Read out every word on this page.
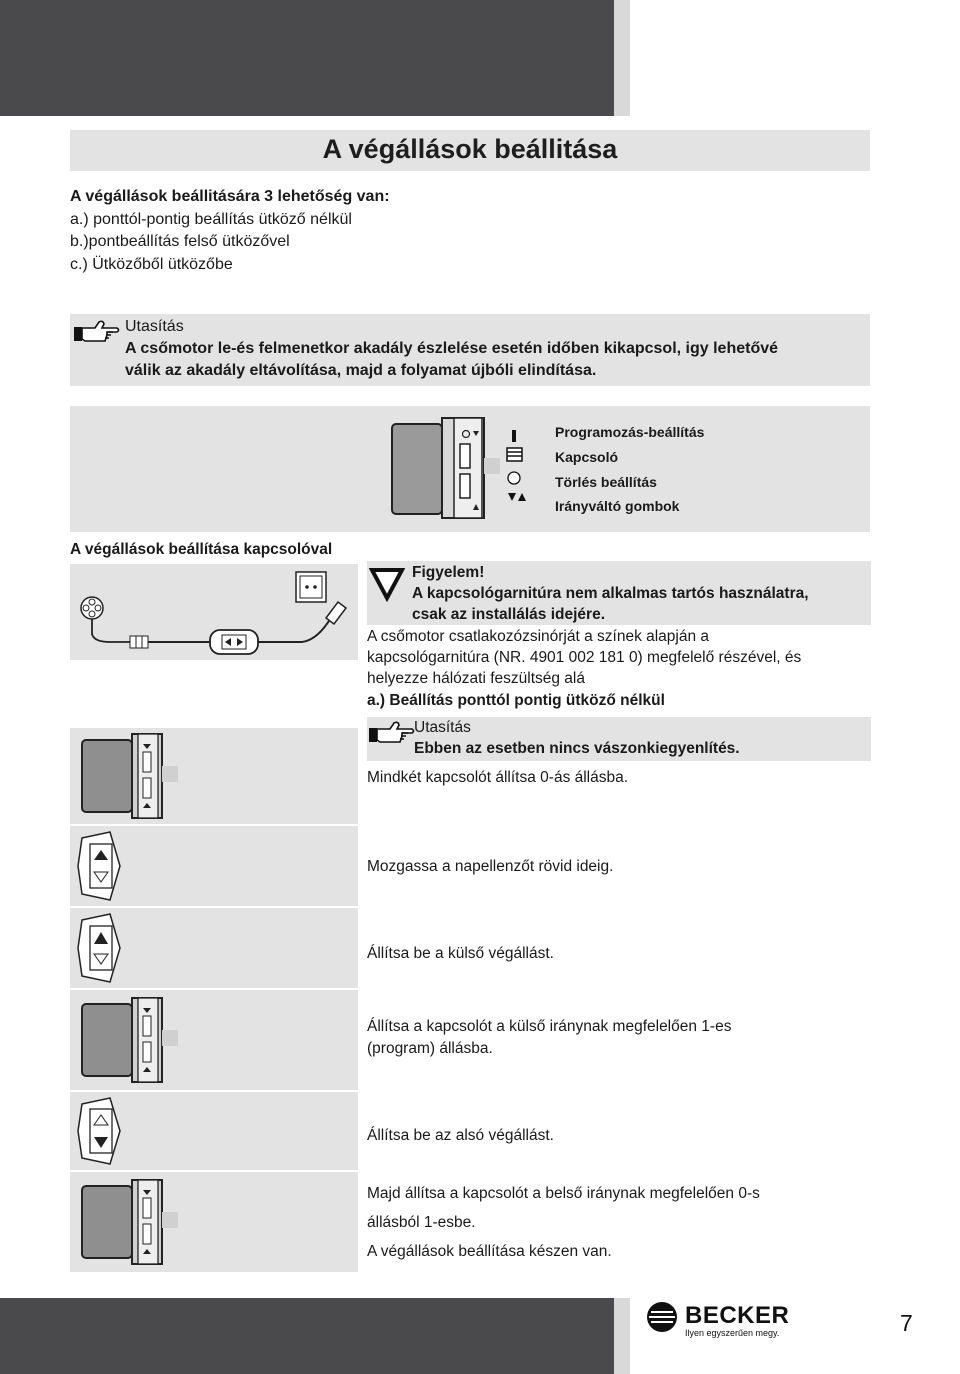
A végállások beállitása
A végállások beállitására 3 lehetőség van:
a.) ponttól-pontig beállítás ütköző nélkül
b.)pontbeállítás felső ütközővel
c.) Ütközőből ütközőbe
Utasítás
A csőmotor le-és felmenetkor akadály észlelése esetén időben kikapcsol, igy lehetővé
válik az akadály eltávolítása, majd a folyamat újbóli elindítása.
Programozás-beállítás
Kapcsoló
Törlés beállítás
Irányváltó gombok
A végállások beállítása kapcsolóval
Figyelem!
A kapcsológarnitúra nem alkalmas tartós használatra,
csak az installálás idejére.
A csőmotor csatlakozózsinórját a színek alapján a
kapcsológarnitúra (NR. 4901 002 181 0) megfelelő részével, és
helyezze hálózati feszültség alá
a.) Beállítás ponttól pontig ütköző nélkül
Utasítás
Ebben az esetben nincs vászonkiegyenlítés.
Mindkét kapcsolót állítsa 0-ás állásba.
Mozgassa a napellenzőt rövid ideig.
Állítsa be a külső végállást.
Állítsa a kapcsolót a külső iránynak megfelelően 1-es
(program) állásba.
Állítsa be az alsó végállást.
Majd állítsa a kapcsolót a belső iránynak megfelelően 0-s
állásból 1-esbe.
A végállások beállítása készen van.
BECKER
Ilyen egyszerűen megy.	7
